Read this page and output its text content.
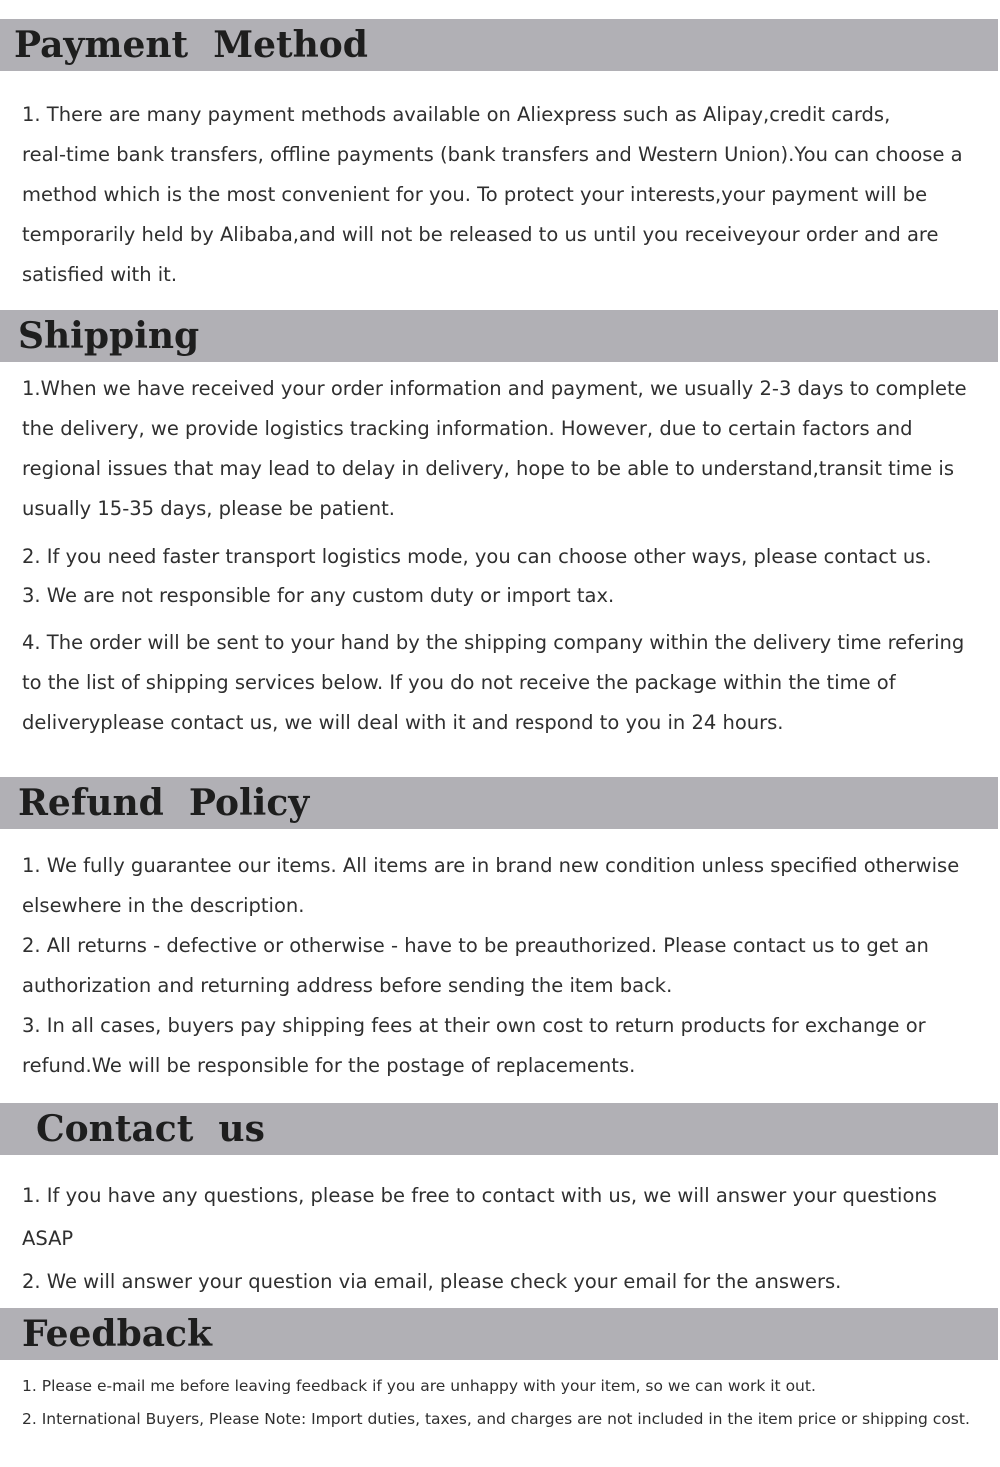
Payment  Method
1. There are many payment methods available on Aliexpress such as Alipay,credit cards,
real-time bank transfers, offline payments (bank transfers and Western Union).You can choose a
method which is the most convenient for you. To protect your interests,your payment will be
temporarily held by Alibaba,and will not be released to us until you receiveyour order and are
satisfied with it.
Shipping
1.When we have received your order information and payment, we usually 2-3 days to complete
the delivery, we provide logistics tracking information. However, due to certain factors and
regional issues that may lead to delay in delivery, hope to be able to understand,transit time is
usually 15-35 days, please be patient.
2. If you need faster transport logistics mode, you can choose other ways, please contact us.
3. We are not responsible for any custom duty or import tax.
4. The order will be sent to your hand by the shipping company within the delivery time refering
to the list of shipping services below. If you do not receive the package within the time of
deliveryplease contact us, we will deal with it and respond to you in 24 hours.
Refund  Policy
1. We fully guarantee our items. All items are in brand new condition unless specified otherwise
elsewhere in the description.
2. All returns - defective or otherwise - have to be preauthorized. Please contact us to get an
authorization and returning address before sending the item back.
3. In all cases, buyers pay shipping fees at their own cost to return products for exchange or
refund.We will be responsible for the postage of replacements.
Contact  us
1. If you have any questions, please be free to contact with us, we will answer your questions
ASAP
2. We will answer your question via email, please check your email for the answers.
Feedback
1. Please e-mail me before leaving feedback if you are unhappy with your item, so we can work it out.
2. International Buyers, Please Note: Import duties, taxes, and charges are not included in the item price or shipping cost.
